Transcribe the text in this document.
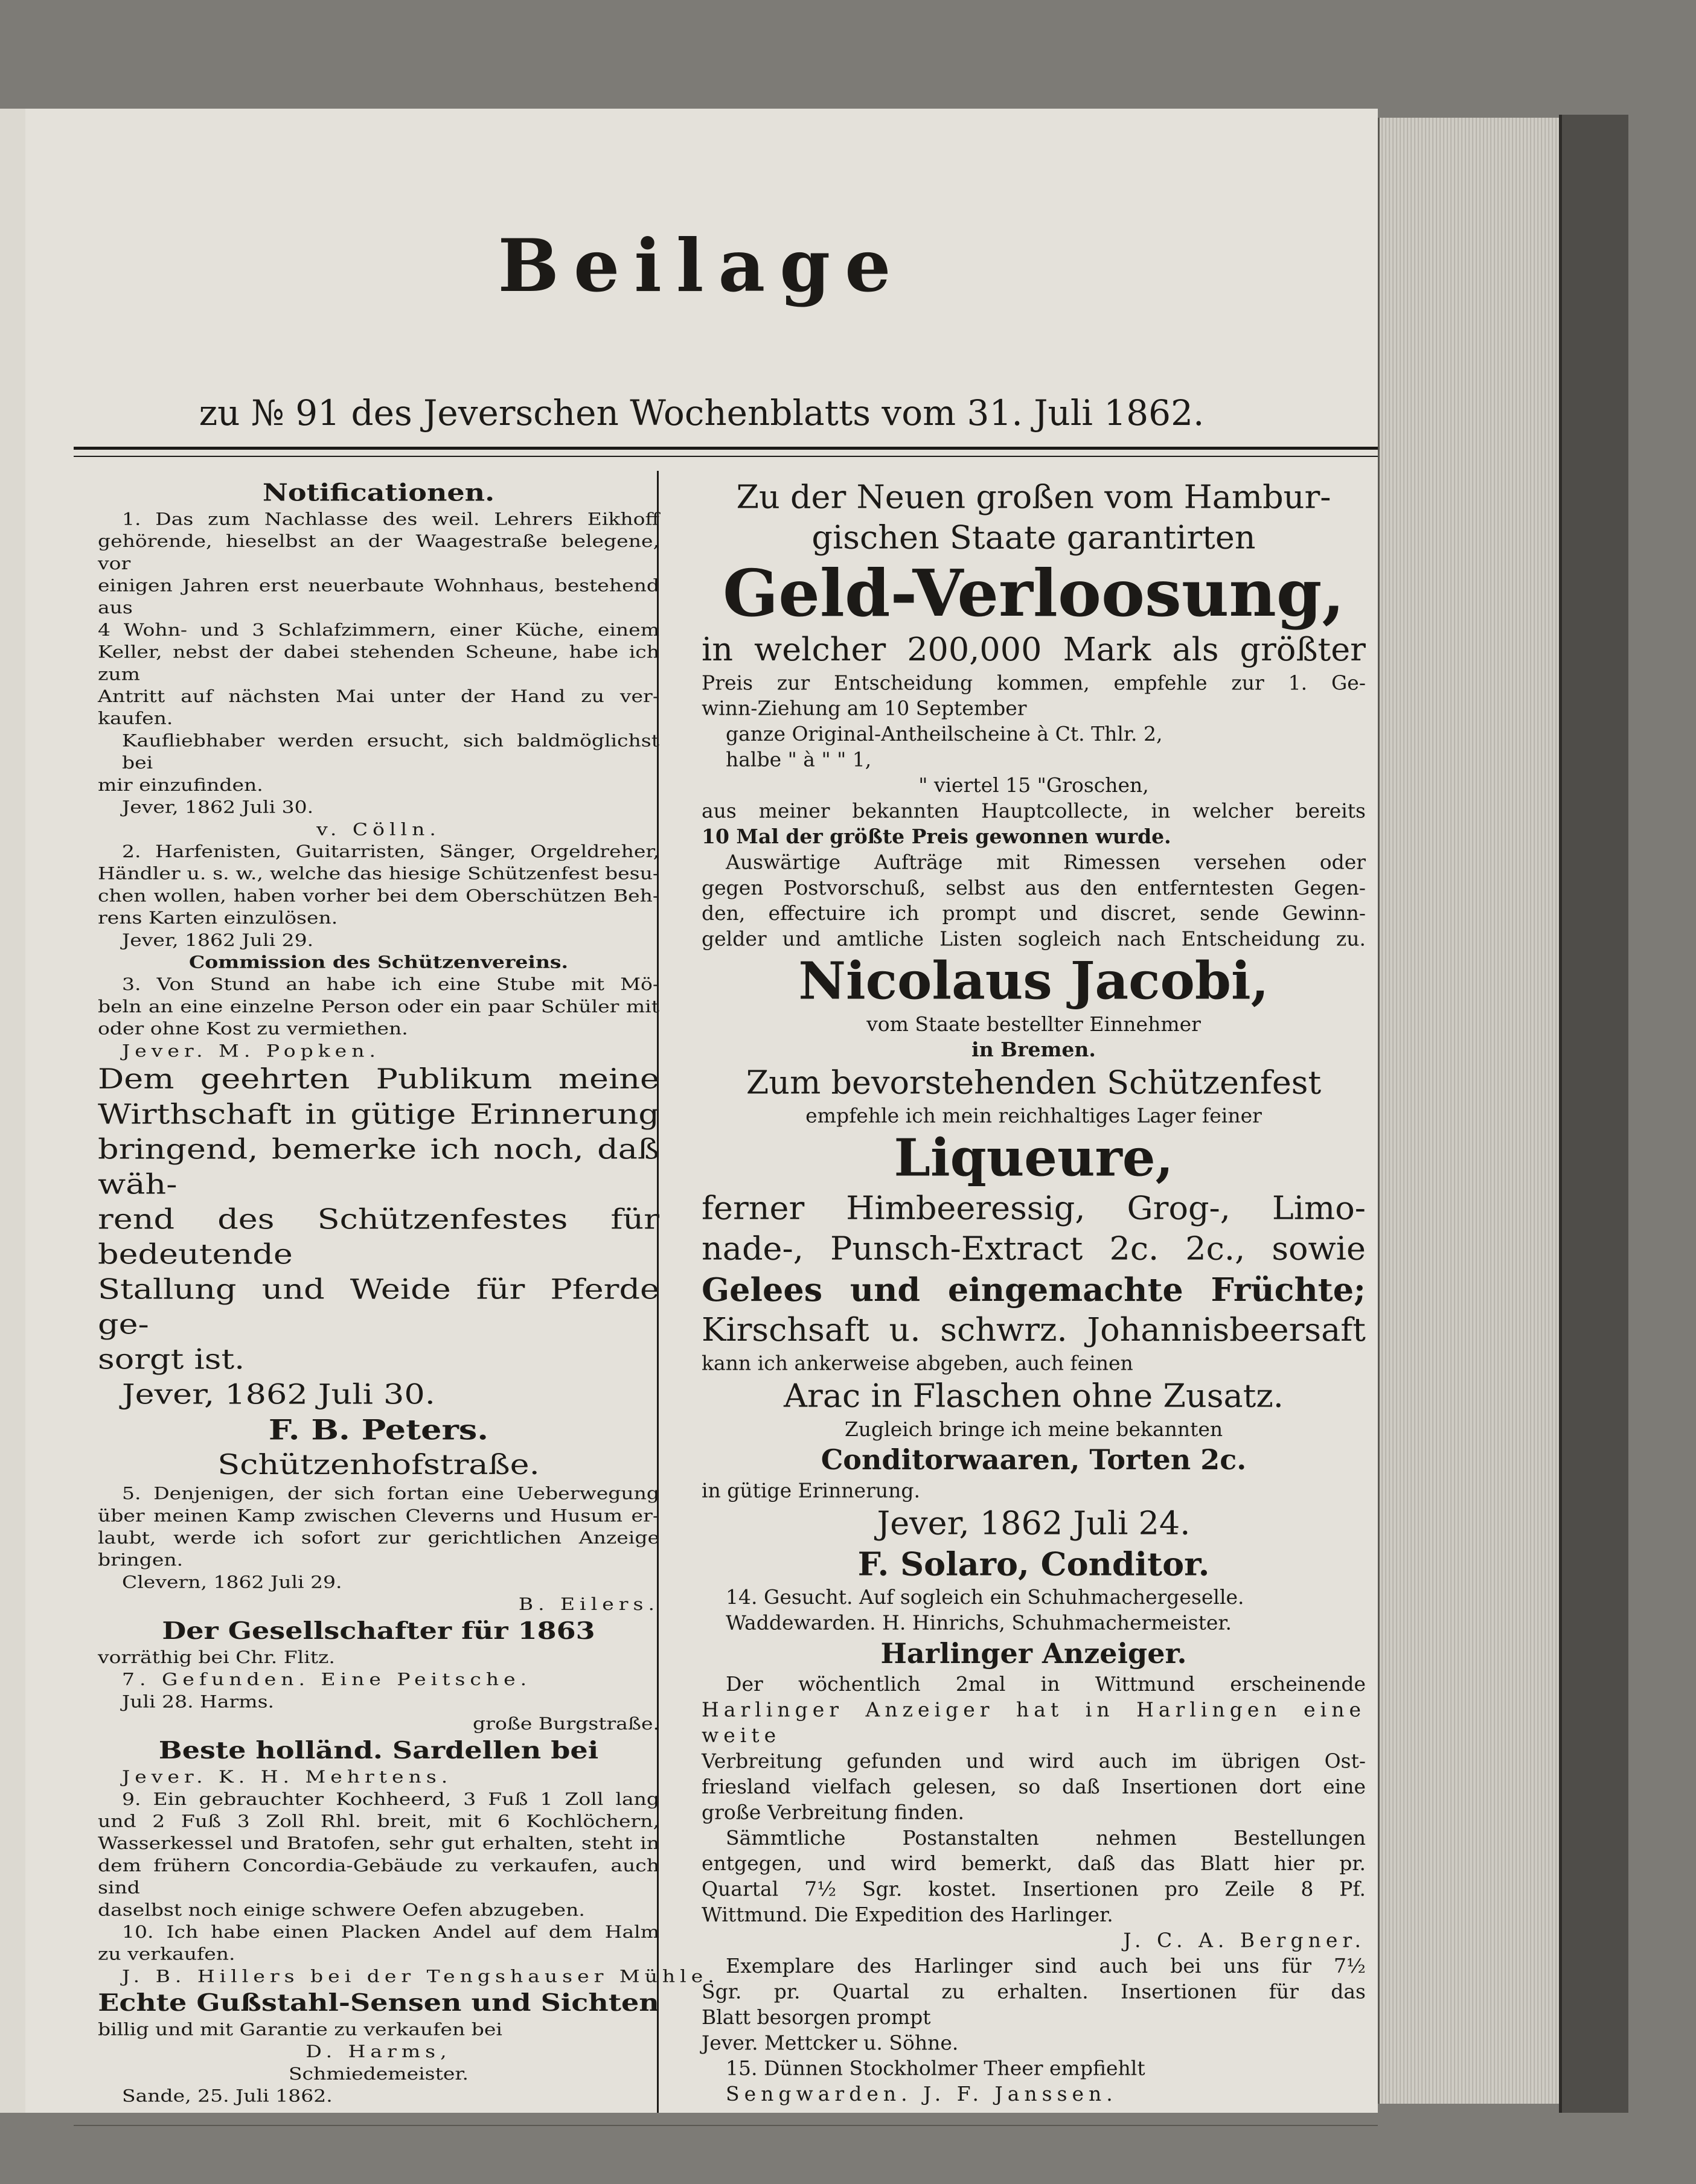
Beilage
zu № 91 des Jeverschen Wochenblatts vom 31. Juli 1862.
Notificationen.
1. Das zum Nachlasse des weil. Lehrers Eikhoff
gehörende, hieselbst an der Waagestraße belegene, vor
einigen Jahren erst neuerbaute Wohnhaus, bestehend aus
4 Wohn- und 3 Schlafzimmern, einer Küche, einem
Keller, nebst der dabei stehenden Scheune, habe ich zum
Antritt auf nächsten Mai unter der Hand zu ver-
kaufen.
Kaufliebhaber werden ersucht, sich baldmöglichst bei
mir einzufinden.
Jever, 1862 Juli 30.
v. Cölln.
2. Harfenisten, Guitarristen, Sänger, Orgeldreher,
Händler u. s. w., welche das hiesige Schützenfest besu-
chen wollen, haben vorher bei dem Oberschützen Beh-
rens Karten einzulösen.
Jever, 1862 Juli 29.
Commission des Schützenvereins.
3. Von Stund an habe ich eine Stube mit Mö-
beln an eine einzelne Person oder ein paar Schüler mit
oder ohne Kost zu vermiethen.
Jever. M. Popken.
Dem geehrten Publikum meine
Wirthschaft in gütige Erinnerung
bringend, bemerke ich noch, daß wäh-
rend des Schützenfestes für bedeutende
Stallung und Weide für Pferde ge-
sorgt ist.
Jever, 1862 Juli 30.
F. B. Peters.
Schützenhofstraße.
5. Denjenigen, der sich fortan eine Ueberwegung
über meinen Kamp zwischen Cleverns und Husum er-
laubt, werde ich sofort zur gerichtlichen Anzeige bringen.
Clevern, 1862 Juli 29.
B. Eilers.
Der Gesellschafter für 1863
vorräthig bei Chr. Flitz.
7. Gefunden. Eine Peitsche.
Juli 28. Harms.
große Burgstraße.
Beste holländ. Sardellen bei
Jever. K. H. Mehrtens.
9. Ein gebrauchter Kochheerd, 3 Fuß 1 Zoll lang
und 2 Fuß 3 Zoll Rhl. breit, mit 6 Kochlöchern,
Wasserkessel und Bratofen, sehr gut erhalten, steht in
dem frühern Concordia-Gebäude zu verkaufen, auch sind
daselbst noch einige schwere Oefen abzugeben.
10. Ich habe einen Placken Andel auf dem Halm
zu verkaufen.
J. B. Hillers bei der Tengshauser Mühle.
Echte Gußstahl-Sensen und Sichten
billig und mit Garantie zu verkaufen bei
D. Harms,
Schmiedemeister.
Sande, 25. Juli 1862.
Zu der Neuen großen vom Hambur-
gischen Staate garantirten
Geld-Verloosung,
in welcher 200,000 Mark als größter
Preis zur Entscheidung kommen, empfehle zur 1. Ge-
winn-Ziehung am 10 September
ganze Original-Antheilscheine à Ct. Thlr. 2,
halbe " à " " 1,
" viertel 15 "Groschen,
aus meiner bekannten Hauptcollecte, in welcher bereits
10 Mal der größte Preis gewonnen wurde.
Auswärtige Aufträge mit Rimessen versehen oder
gegen Postvorschuß, selbst aus den entferntesten Gegen-
den, effectuire ich prompt und discret, sende Gewinn-
gelder und amtliche Listen sogleich nach Entscheidung zu.
Nicolaus Jacobi,
vom Staate bestellter Einnehmer
in Bremen.
Zum bevorstehenden Schützenfest
empfehle ich mein reichhaltiges Lager feiner
Liqueure,
ferner Himbeeressig, Grog-, Limo-
nade-, Punsch-Extract 2c. 2c., sowie
Gelees und eingemachte Früchte;
Kirschsaft u. schwrz. Johannisbeersaft
kann ich ankerweise abgeben, auch feinen
Arac in Flaschen ohne Zusatz.
Zugleich bringe ich meine bekannten
Conditorwaaren, Torten 2c.
in gütige Erinnerung.
Jever, 1862 Juli 24.
F. Solaro, Conditor.
14. Gesucht. Auf sogleich ein Schuhmachergeselle.
Waddewarden. H. Hinrichs, Schuhmachermeister.
Harlinger Anzeiger.
Der wöchentlich 2mal in Wittmund erscheinende
Harlinger Anzeiger hat in Harlingen eine weite
Verbreitung gefunden und wird auch im übrigen Ost-
friesland vielfach gelesen, so daß Insertionen dort eine
große Verbreitung finden.
Sämmtliche Postanstalten nehmen Bestellungen
entgegen, und wird bemerkt, daß das Blatt hier pr.
Quartal 7½ Sgr. kostet. Insertionen pro Zeile 8 Pf.
Wittmund. Die Expedition des Harlinger.
J. C. A. Bergner.
Exemplare des Harlinger sind auch bei uns für 7½
Sgr. pr. Quartal zu erhalten. Insertionen für das
Blatt besorgen prompt
Jever. Mettcker u. Söhne.
15. Dünnen Stockholmer Theer empfiehlt
Sengwarden. J. F. Janssen.
